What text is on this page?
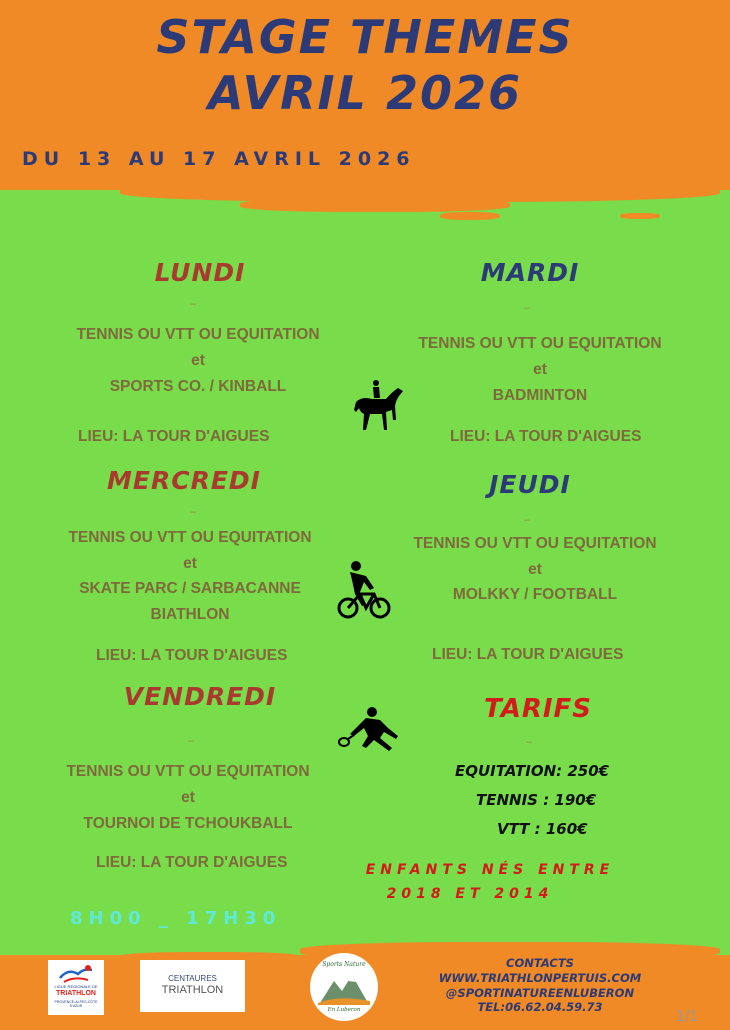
STAGE THEMES
AVRIL 2026
DU 13 AU 17 AVRIL 2026
LUNDI
–
TENNIS OU VTT OU EQUITATION
et
SPORTS CO. / KINBALL
LIEU: LA TOUR D'AIGUES
MARDI
–
TENNIS OU VTT OU EQUITATION
et
BADMINTON
LIEU: LA TOUR D'AIGUES
MERCREDI
–
TENNIS OU VTT OU EQUITATION
et
SKATE PARC / SARBACANNE
BIATHLON
LIEU: LA TOUR D'AIGUES
JEUDI
–
TENNIS OU VTT OU EQUITATION
et
MOLKKY / FOOTBALL
LIEU: LA TOUR D'AIGUES
VENDREDI
–
TENNIS OU VTT OU EQUITATION
et
TOURNOI DE TCHOUKBALL
LIEU: LA TOUR D'AIGUES
TARIFS
–
EQUITATION: 250€
TENNIS : 190€
VTT : 160€
ENFANTS NÉS ENTRE
2018 ET 2014
8H00 _ 17H30
LIGUE RÉGIONALE DE
TRIATHLON
PROVENCE-ALPES-CÔTE D'AZUR
CENTAURES
TRIATHLON
Sports Nature
En Luberon
CONTACTS
WWW.TRIATHLONPERTUIS.COM
@SPORTINATUREENLUBERON
TEL:06.62.04.59.73
1/1
